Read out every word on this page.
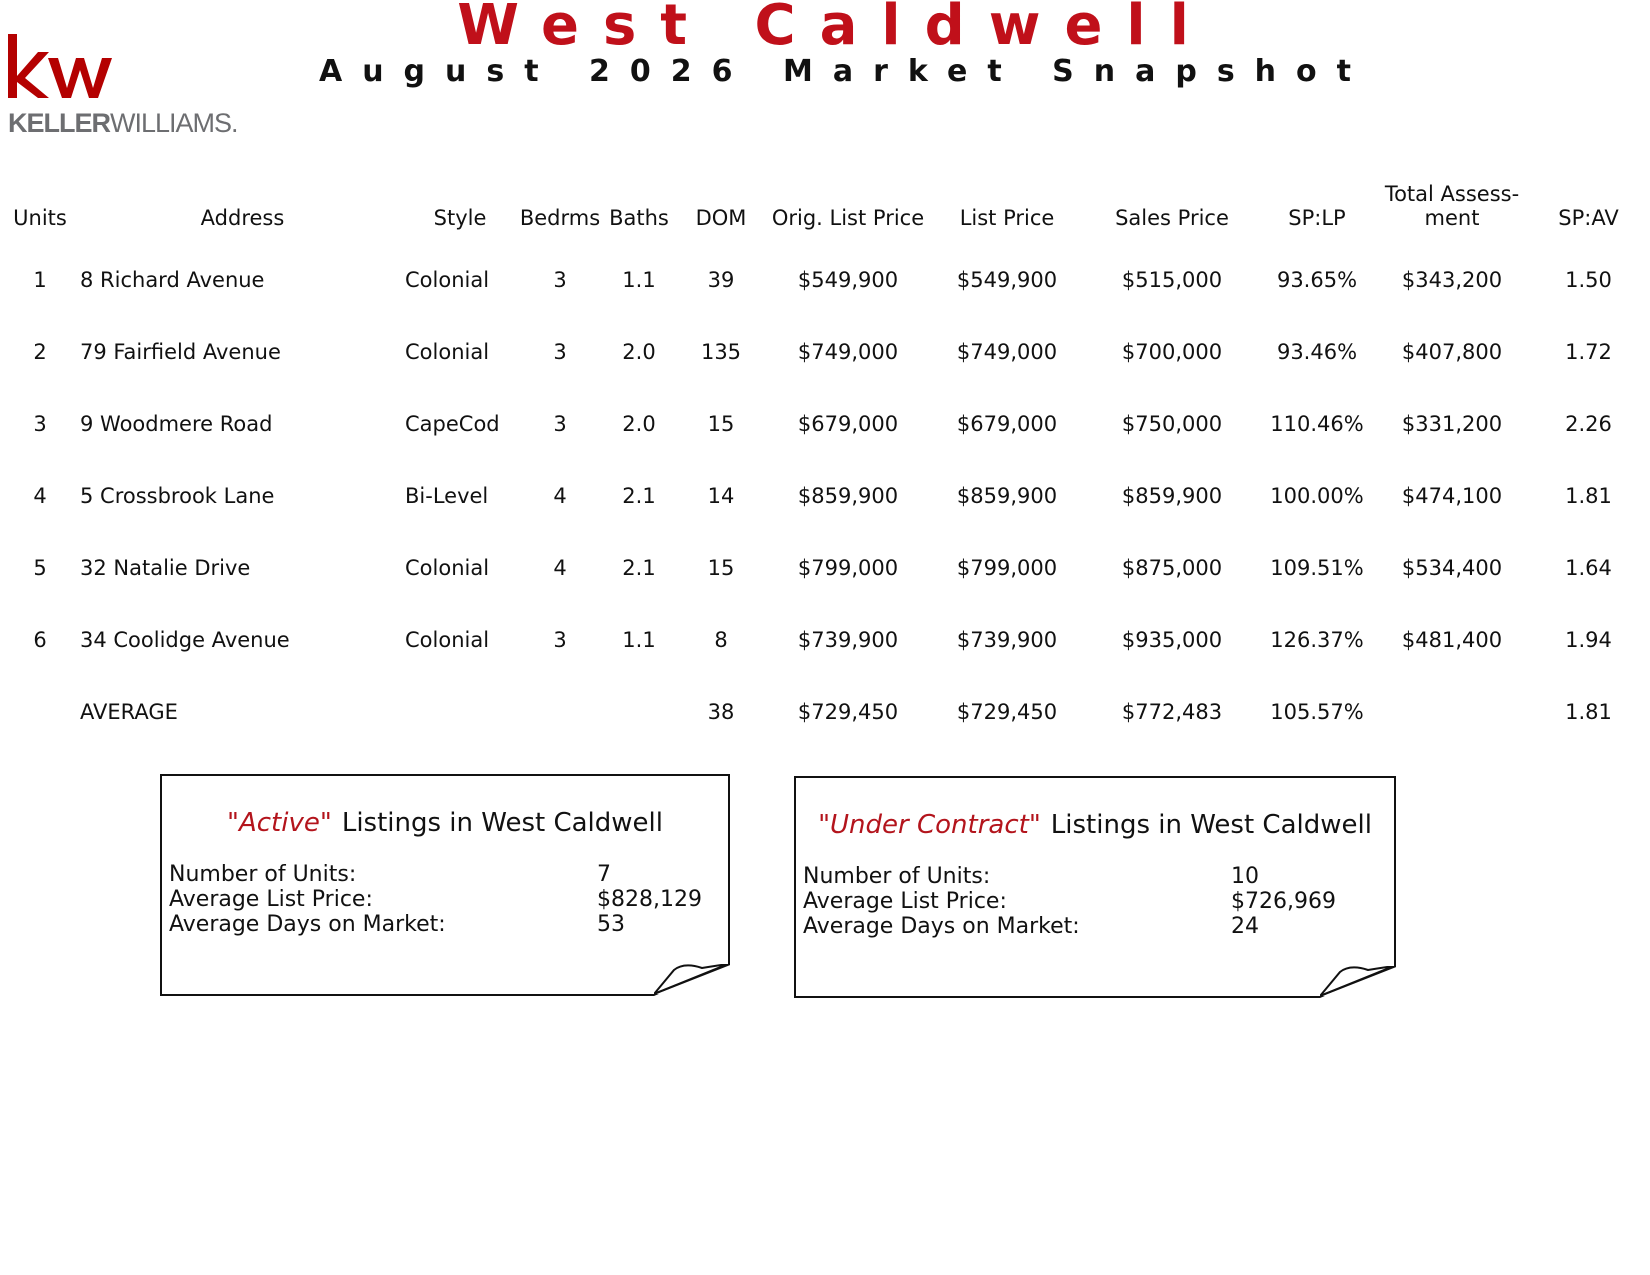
KELLERWILLIAMS.
West Caldwell
August 2026 Market Snapshot
Units	Address	Style	Bedrms	Baths	DOM	Orig. List Price	List Price	Sales Price	SP:LP	Total Assess-ment	SP:AV
1	8 Richard Avenue	Colonial	3	1.1	39	$549,900	$549,900	$515,000	93.65%	$343,200	1.50
2	79 Fairfield Avenue	Colonial	3	2.0	135	$749,000	$749,000	$700,000	93.46%	$407,800	1.72
3	9 Woodmere Road	CapeCod	3	2.0	15	$679,000	$679,000	$750,000	110.46%	$331,200	2.26
4	5 Crossbrook Lane	Bi-Level	4	2.1	14	$859,900	$859,900	$859,900	100.00%	$474,100	1.81
5	32 Natalie Drive	Colonial	4	2.1	15	$799,000	$799,000	$875,000	109.51%	$534,400	1.64
6	34 Coolidge Avenue	Colonial	3	1.1	8	$739,900	$739,900	$935,000	126.37%	$481,400	1.94
	AVERAGE				38	$729,450	$729,450	$772,483	105.57%		1.81
"Active" Listings in West Caldwell
Number of Units:	7
Average List Price:	$828,129
Average Days on Market:	53
"Under Contract" Listings in West Caldwell
Number of Units:	10
Average List Price:	$726,969
Average Days on Market:	24
